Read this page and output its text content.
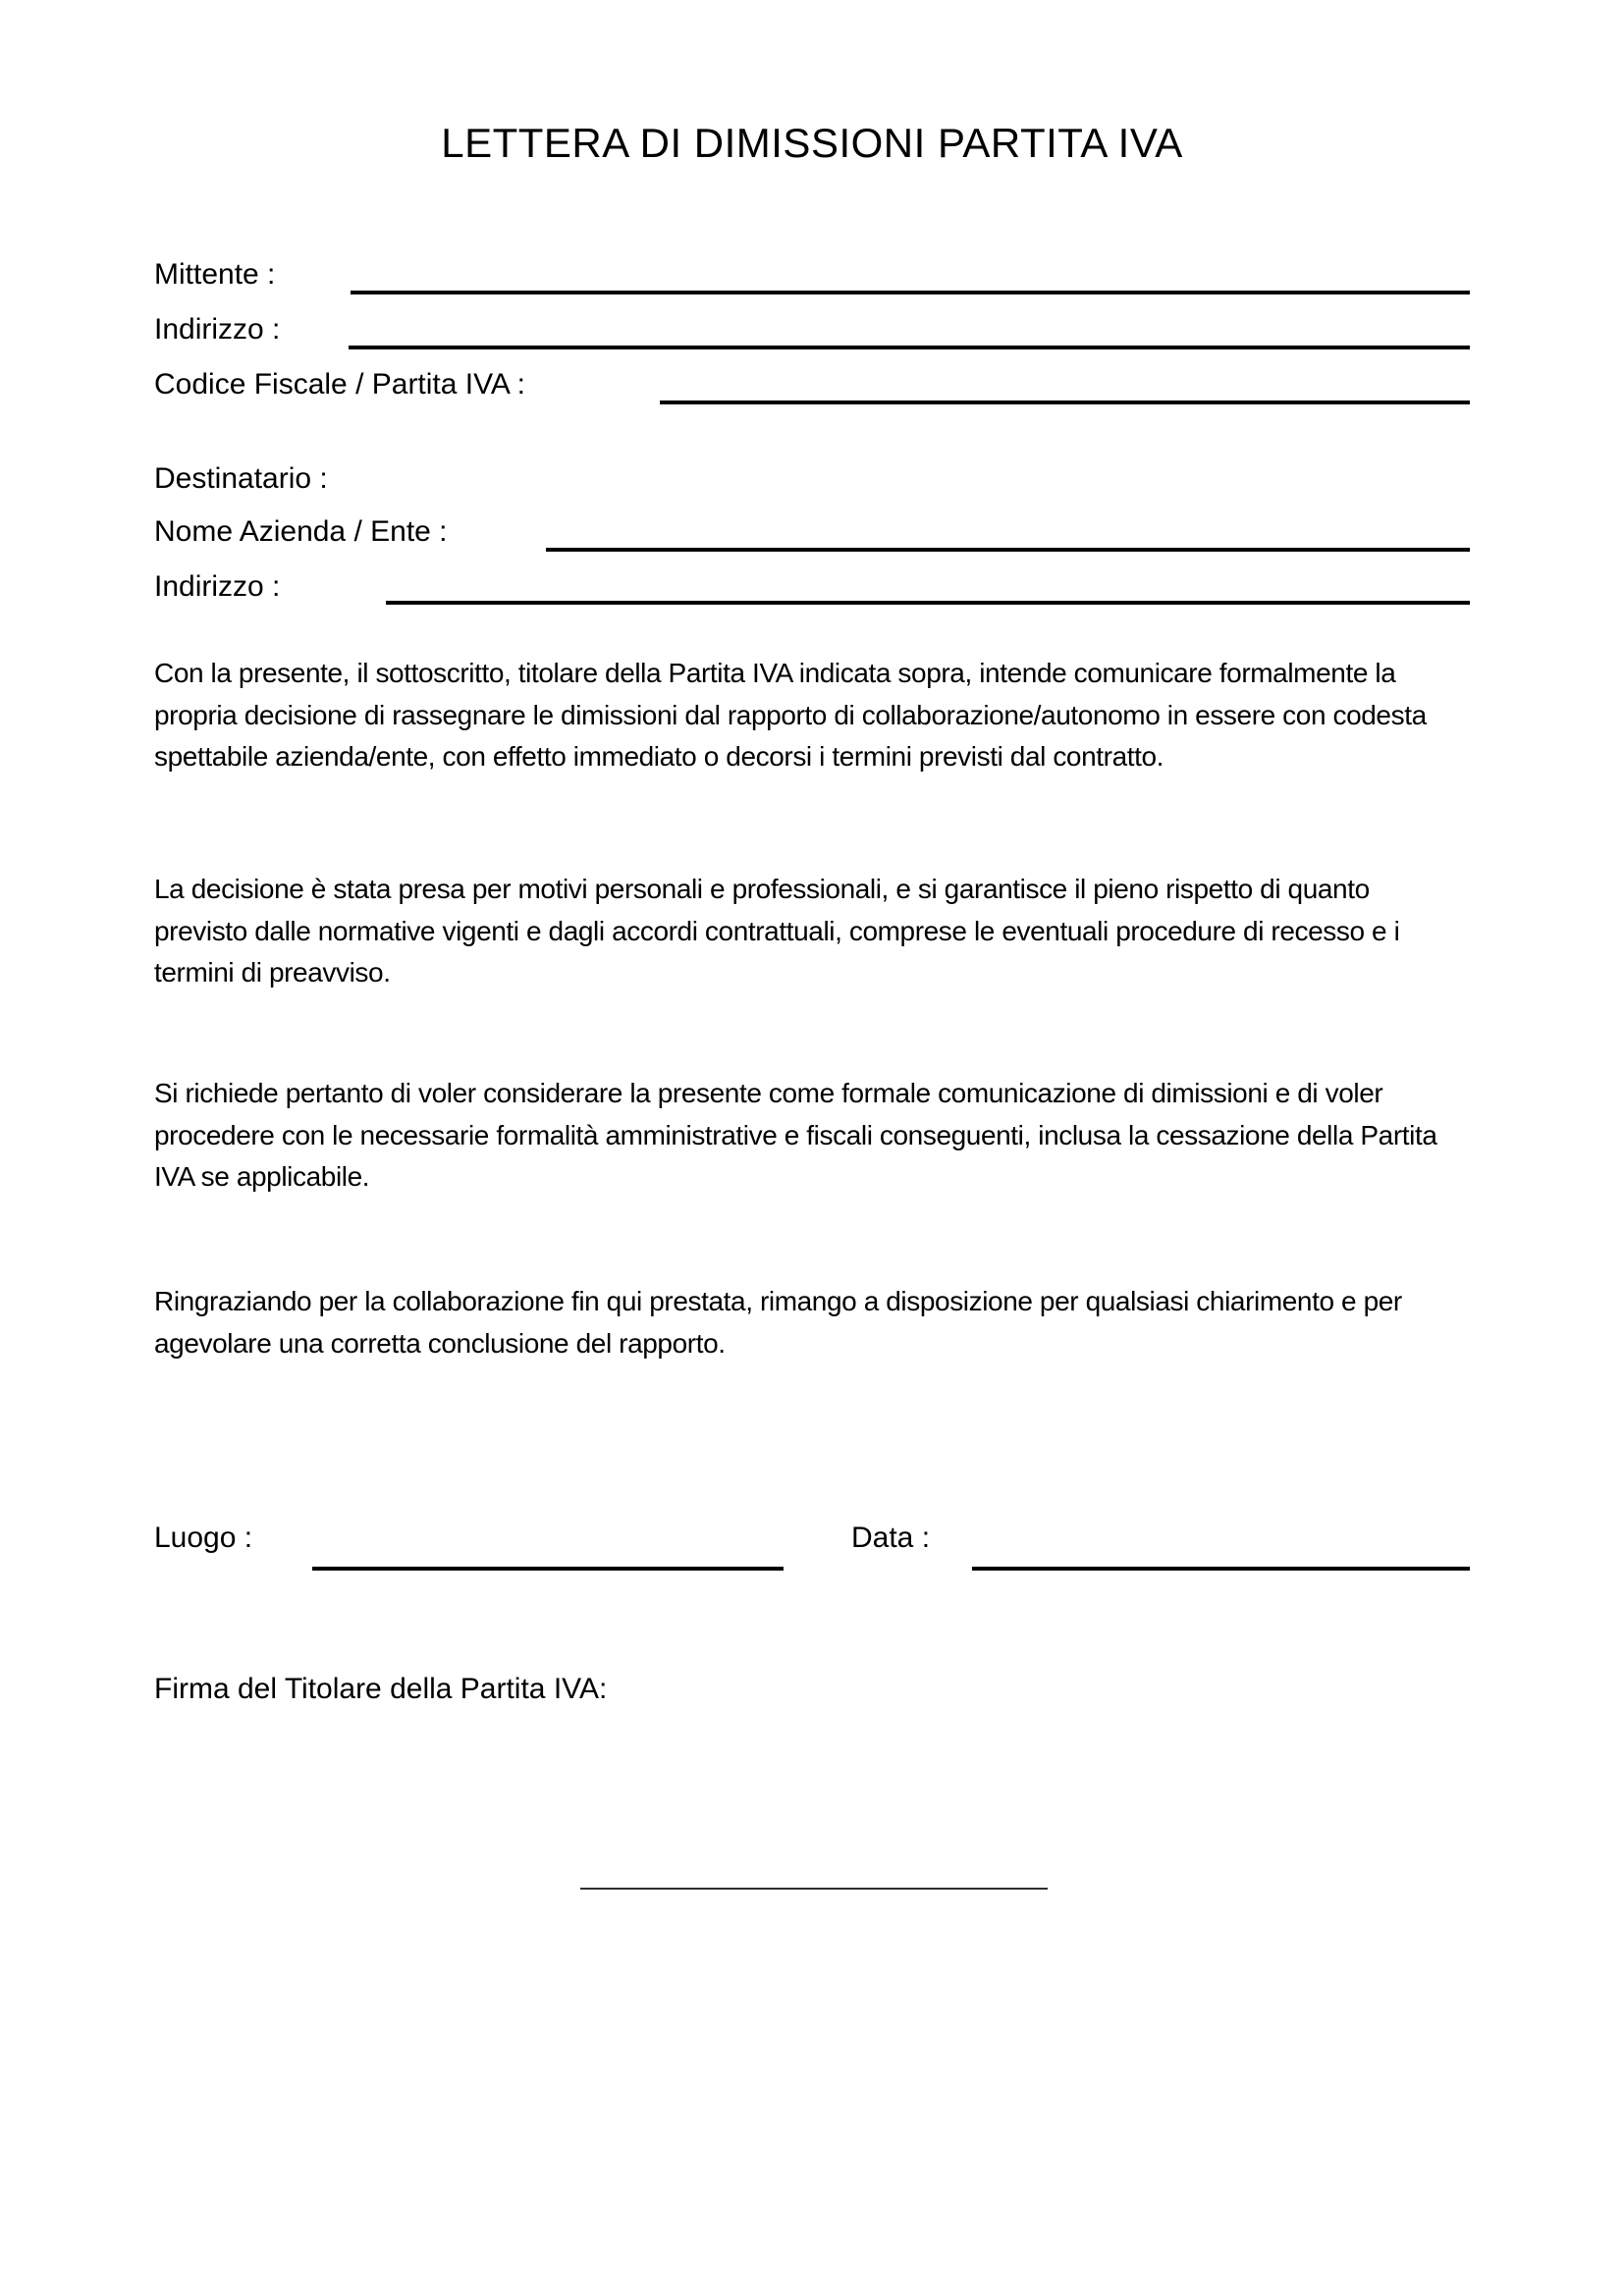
LETTERA DI DIMISSIONI PARTITA IVA
Mittente :
Indirizzo :
Codice Fiscale / Partita IVA :
Destinatario :
Nome Azienda / Ente :
Indirizzo :
Con la presente, il sottoscritto, titolare della Partita IVA indicata sopra, intende comunicare formalmente la propria decisione di rassegnare le dimissioni dal rapporto di collaborazione/autonomo in essere con codesta spettabile azienda/ente, con effetto immediato o decorsi i termini previsti dal contratto.
La decisione è stata presa per motivi personali e professionali, e si garantisce il pieno rispetto di quanto previsto dalle normative vigenti e dagli accordi contrattuali, comprese le eventuali procedure di recesso e i termini di preavviso.
Si richiede pertanto di voler considerare la presente come formale comunicazione di dimissioni e di voler procedere con le necessarie formalità amministrative e fiscali conseguenti, inclusa la cessazione della Partita IVA se applicabile.
Ringraziando per la collaborazione fin qui prestata, rimango a disposizione per qualsiasi chiarimento e per agevolare una corretta conclusione del rapporto.
Luogo :	Data :
Firma del Titolare della Partita IVA:
